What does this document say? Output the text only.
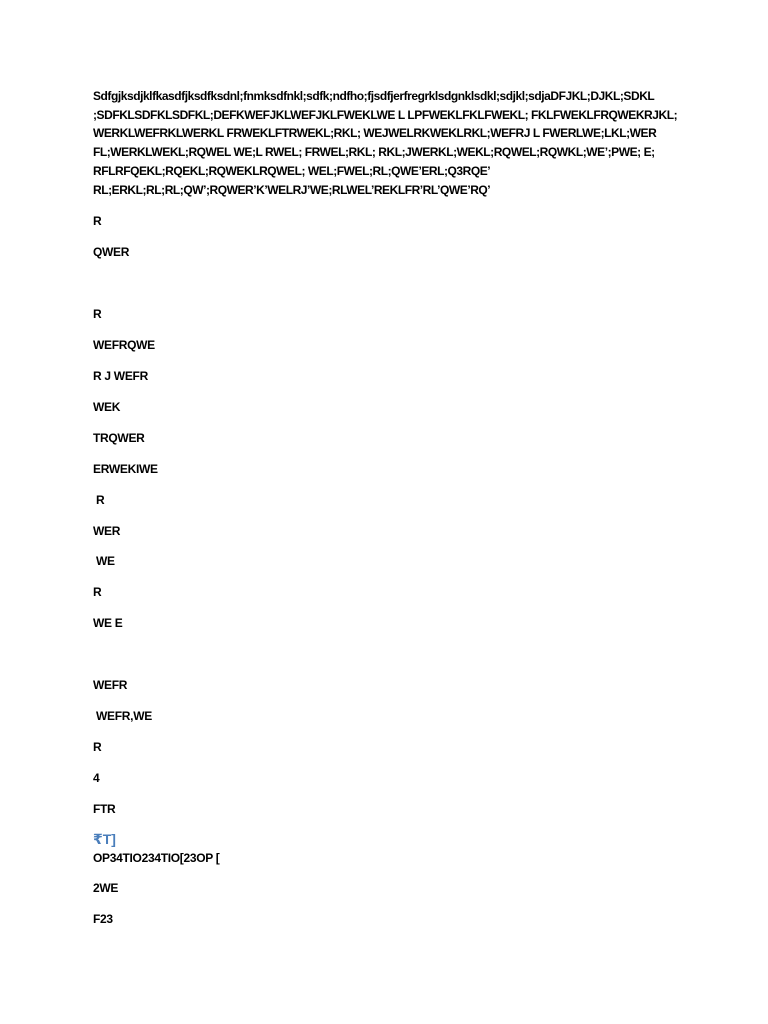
Sdfgjksdjklfkasdfjksdfksdnl;fnmksdfnkl;sdfk;ndfho;fjsdfjerfregrklsdgnklsdkl;sdjkl;sdjaDFJKL;DJKL;SDKL
;SDFKLSDFKLSDFKL;DEFKWEFJKLWEFJKLFWEKLWE L LPFWEKLFKLFWEKL; FKLFWEKLFRQWEKRJKL;
WERKLWEFRKLWERKL FRWEKLFTRWEKL;RKL; WEJWELRKWEKLRKL;WEFRJ L FWERLWE;LKL;WER
FL;WERKLWEKL;RQWEL WE;L RWEL; FRWEL;RKL; RKL;JWERKL;WEKL;RQWEL;RQWKL;WE’;PWE; E;
RFLRFQEKL;RQEKL;RQWEKLRQWEL; WEL;FWEL;RL;QWE’ERL;Q3RQE’
RL;ERKL;RL;RL;QW’;RQWER’K’WELRJ’WE;RLWEL’REKLFR’RL’QWE’RQ’

R

QWER

R

WEFRQWE

R J WEFR

WEK

TRQWER

ERWEKIWE

R

WER

WE

R

WE E

WEFR

WEFR,WE

R

4

FTR

₹T]

OP34TIO234TIO[23OP [

2WE

F23
